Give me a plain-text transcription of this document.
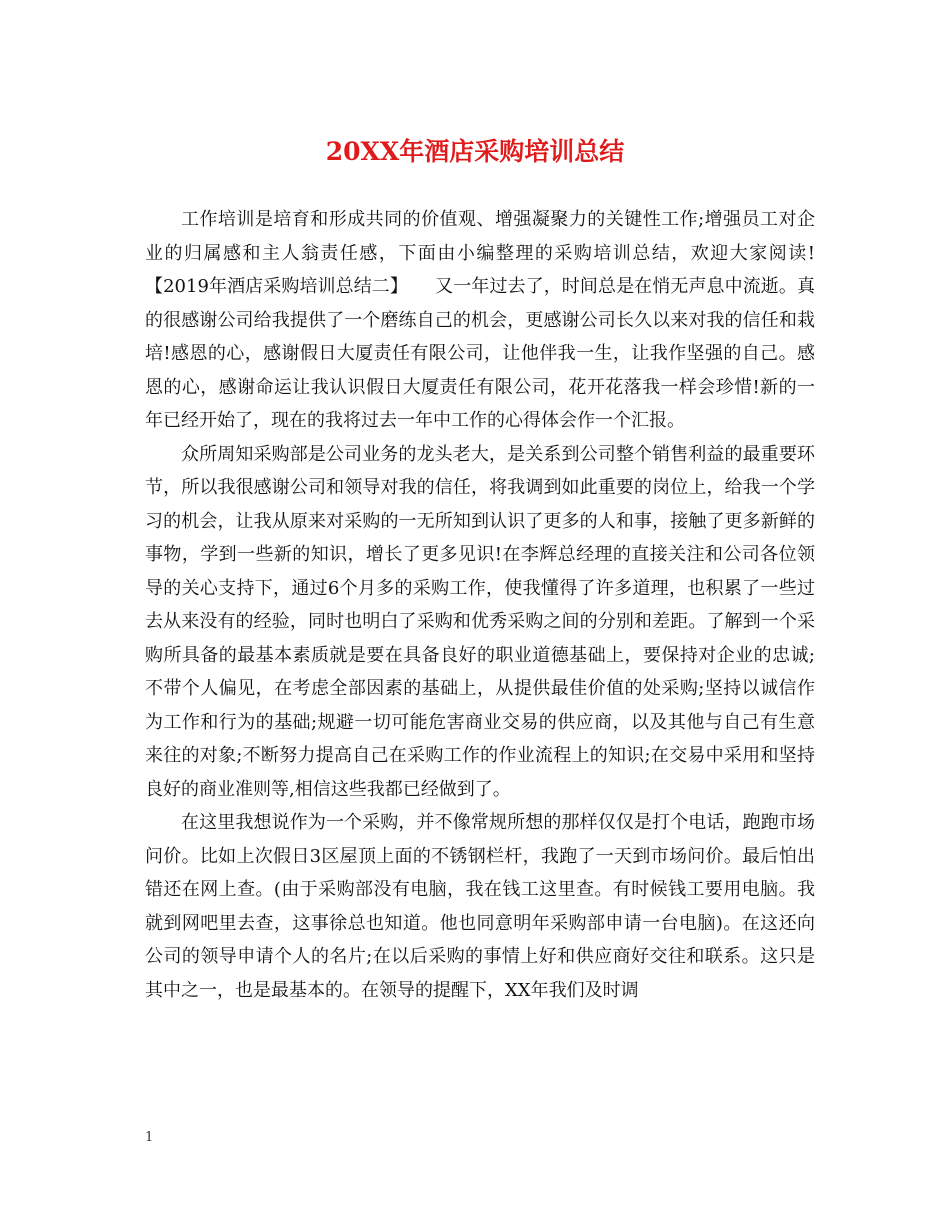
20XX年酒店采购培训总结

工作培训是培育和形成共同的价值观、增强凝聚力的关键性工作;增强员工对企业的归属感和主人翁责任感，下面由小编整理的采购培训总结，欢迎大家阅读!【2019年酒店采购培训总结二】　　又一年过去了，时间总是在悄无声息中流逝。真的很感谢公司给我提供了一个磨练自己的机会，更感谢公司长久以来对我的信任和栽培!感恩的心，感谢假日大厦责任有限公司，让他伴我一生，让我作坚强的自己。感恩的心，感谢命运让我认识假日大厦责任有限公司，花开花落我一样会珍惜!新的一年已经开始了，现在的我将过去一年中工作的心得体会作一个汇报。

众所周知采购部是公司业务的龙头老大，是关系到公司整个销售利益的最重要环节，所以我很感谢公司和领导对我的信任，将我调到如此重要的岗位上，给我一个学习的机会，让我从原来对采购的一无所知到认识了更多的人和事，接触了更多新鲜的事物，学到一些新的知识，增长了更多见识!在李辉总经理的直接关注和公司各位领导的关心支持下，通过6个月多的采购工作，使我懂得了许多道理，也积累了一些过去从来没有的经验，同时也明白了采购和优秀采购之间的分别和差距。了解到一个采购所具备的最基本素质就是要在具备良好的职业道德基础上，要保持对企业的忠诚;不带个人偏见，在考虑全部因素的基础上，从提供最佳价值的处采购;坚持以诚信作为工作和行为的基础;规避一切可能危害商业交易的供应商，以及其他与自己有生意来往的对象;不断努力提高自己在采购工作的作业流程上的知识;在交易中采用和坚持良好的商业准则等,相信这些我都已经做到了。

在这里我想说作为一个采购，并不像常规所想的那样仅仅是打个电话，跑跑市场问价。比如上次假日3区屋顶上面的不锈钢栏杆，我跑了一天到市场问价。最后怕出错还在网上查。(由于采购部没有电脑，我在钱工这里查。有时候钱工要用电脑。我就到网吧里去查，这事徐总也知道。他也同意明年采购部申请一台电脑)。在这还向公司的领导申请个人的名片;在以后采购的事情上好和供应商好交往和联系。这只是其中之一，也是最基本的。在领导的提醒下，XX年我们及时调

1
